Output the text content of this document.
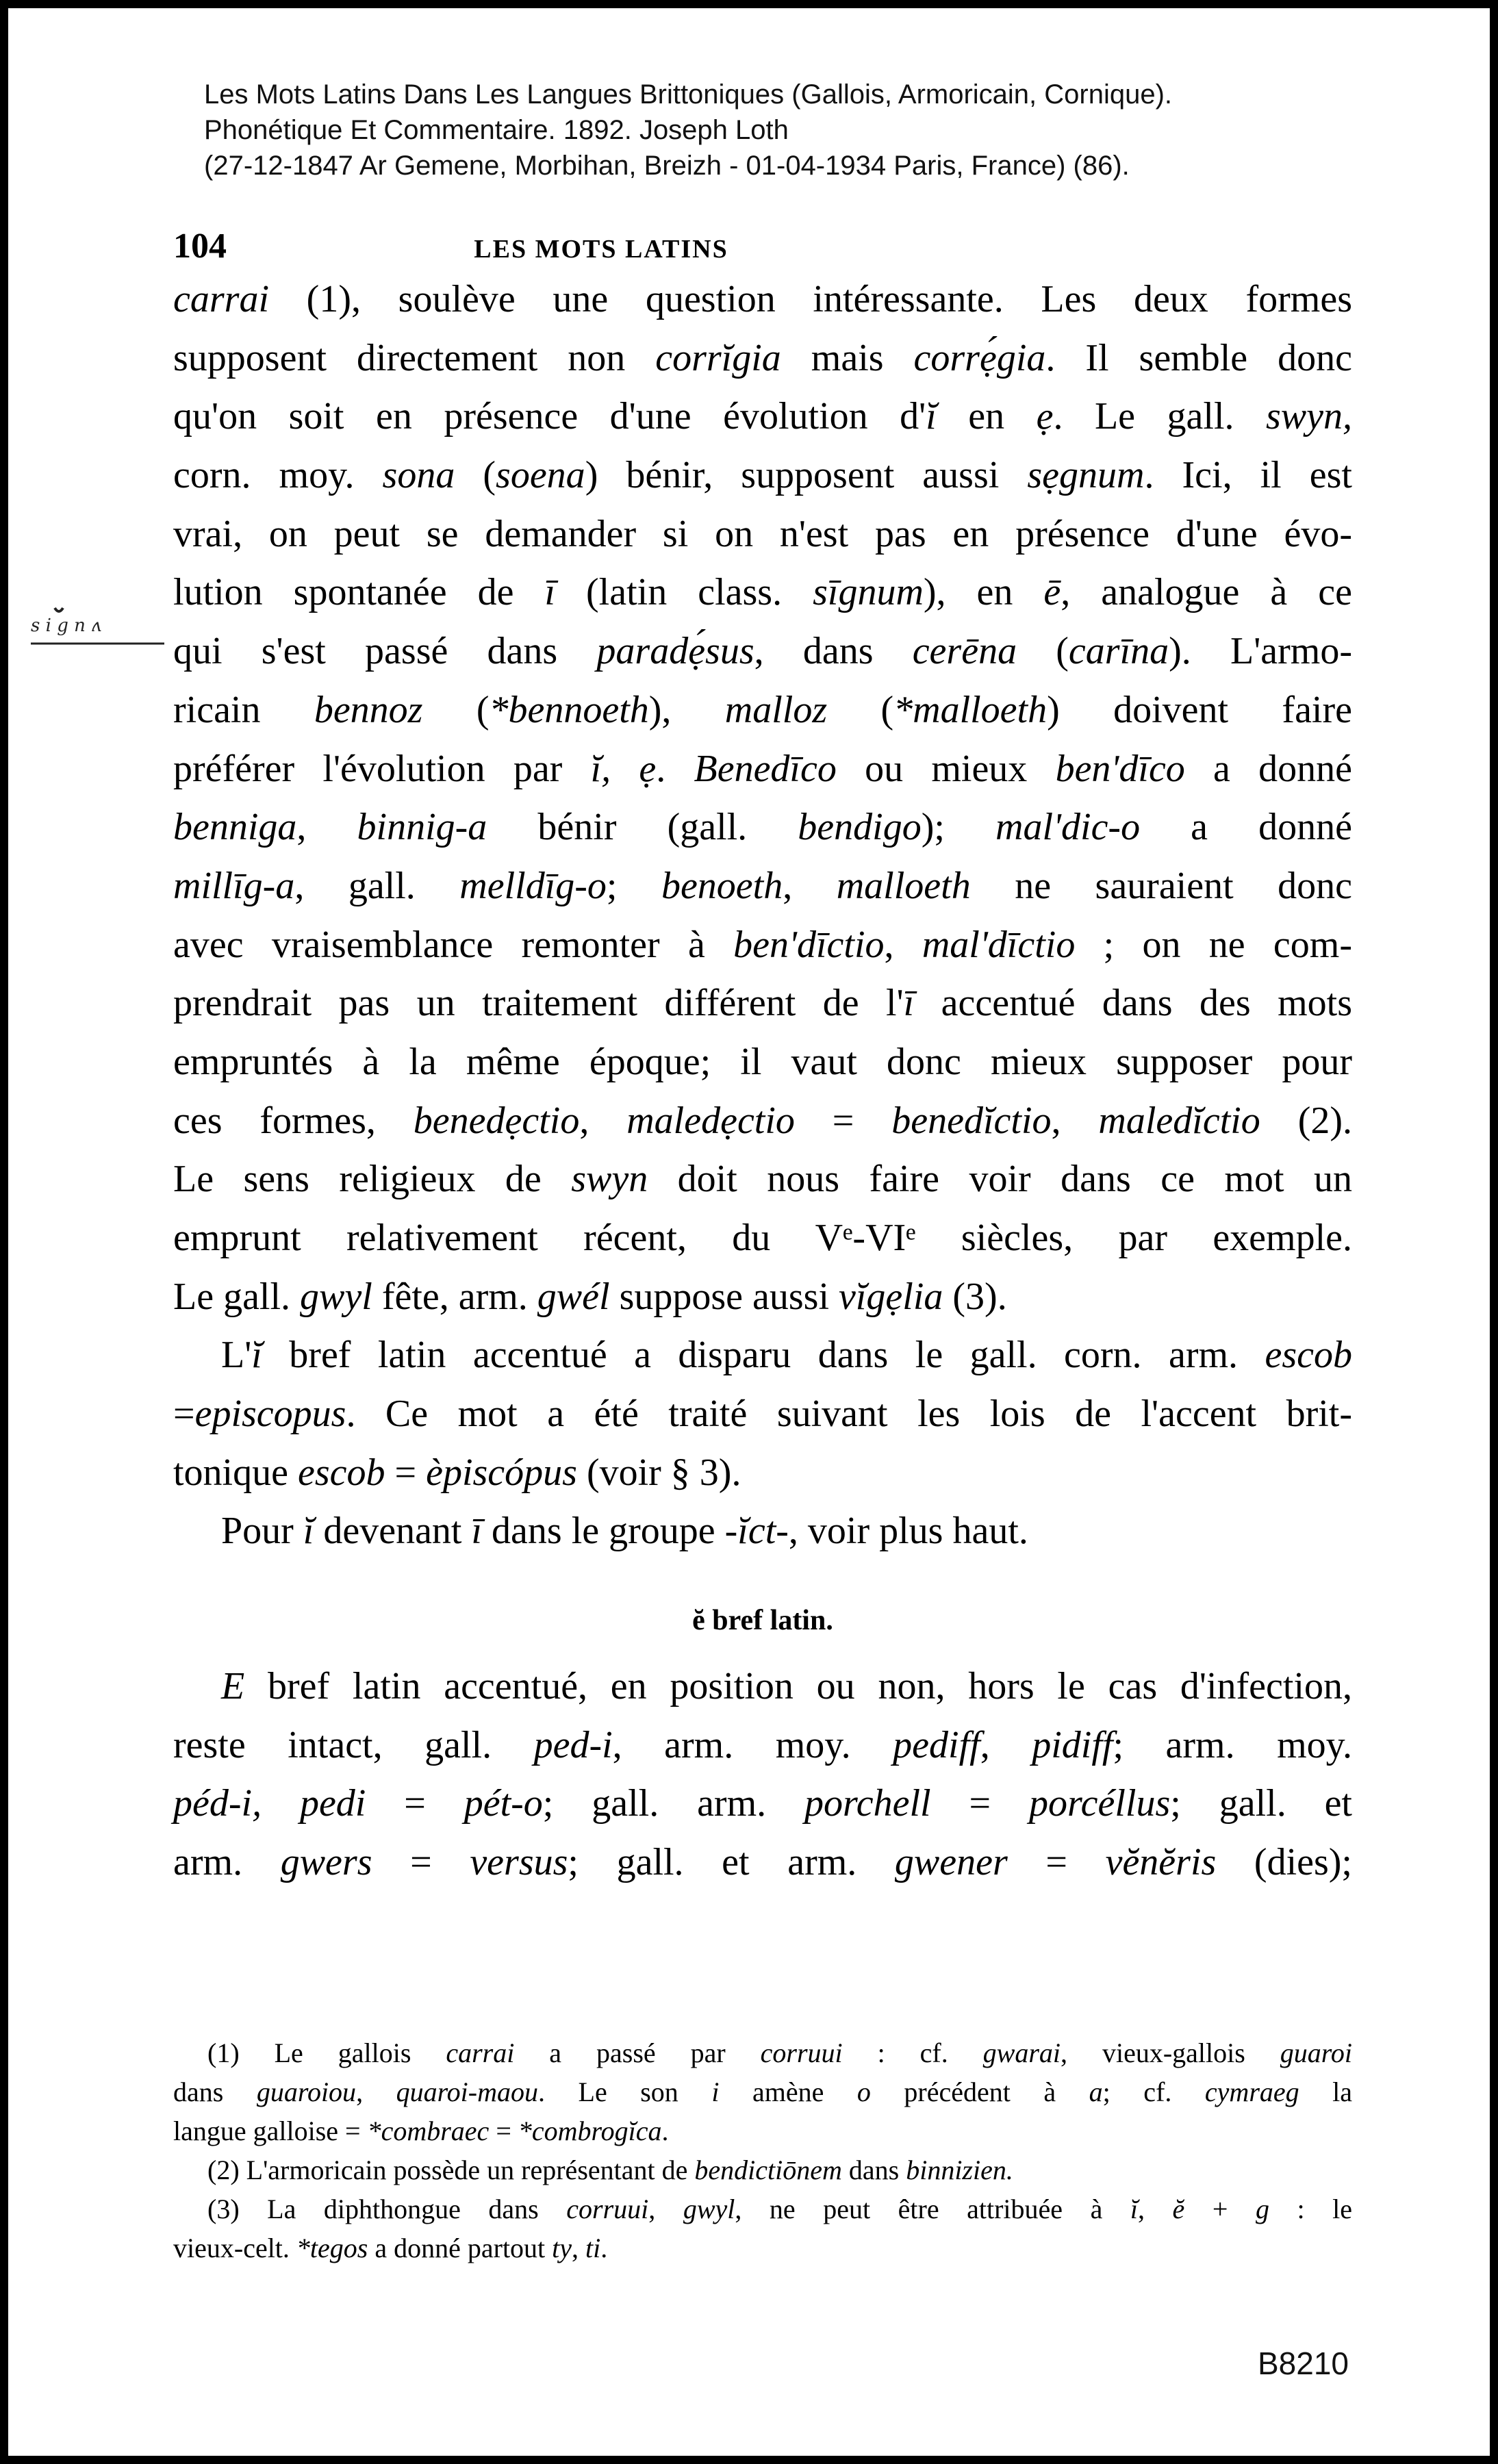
Les Mots Latins Dans Les Langues Brittoniques (Gallois, Armoricain, Cornique).
Phonétique Et Commentaire. 1892. Joseph Loth
(27-12-1847 Ar Gemene, Morbihan, Breizh - 01-04-1934 Paris, France) (86).
104	LES MOTS LATINS
s i g n ʌ
carrai (1), soulève une question intéressante. Les deux formes
supposent directement non corrĭgia mais corrẹ́gia. Il semble donc
qu'on soit en présence d'une évolution d'ĭ en ẹ. Le gall. swyn,
corn. moy. sona (soena) bénir, supposent aussi sẹgnum. Ici, il est
vrai, on peut se demander si on n'est pas en présence d'une évo-
lution spontanée de ī (latin class. sīgnum), en ē, analogue à ce
qui s'est passé dans paradẹ́sus, dans cerēna (carīna). L'armo-
ricain bennoz (*bennoeth), malloz (*malloeth) doivent faire
préférer l'évolution par ĭ, ẹ. Benedīco ou mieux ben'dīco a donné
benniga, binnig-a bénir (gall. bendigo); mal'dic-o a donné
millīg-a, gall. melldīg-o; benoeth, malloeth ne sauraient donc
avec vraisemblance remonter à ben'dīctio, mal'dīctio ; on ne com-
prendrait pas un traitement différent de l'ī accentué dans des mots
empruntés à la même époque; il vaut donc mieux supposer pour
ces formes, benedẹctio, maledẹctio = benedĭctio, maledĭctio (2).
Le sens religieux de swyn doit nous faire voir dans ce mot un
emprunt relativement récent, du Vᵉ-VIᵉ siècles, par exemple.
Le gall. gwyl fête, arm. gwél suppose aussi vĭgẹlia (3).
L'ĭ bref latin accentué a disparu dans le gall. corn. arm. escob
=episcopus. Ce mot a été traité suivant les lois de l'accent brit-
tonique escob = èpiscópus (voir § 3).
Pour ĭ devenant ī dans le groupe -ĭct-, voir plus haut.
ĕ bref latin.
E bref latin accentué, en position ou non, hors le cas d'infection,
reste intact, gall. ped-i, arm. moy. pediff, pidiff; arm. moy.
péd-i, pedi = pét-o; gall. arm. porchell = porcéllus; gall. et
arm. gwers = versus; gall. et arm. gwener = vĕnĕris (dies);
(1) Le gallois carrai a passé par corruui : cf. gwarai, vieux-gallois guaroi
dans guaroiou, quaroi-maou. Le son i amène o précédent à a; cf. cymraeg la
langue galloise = *combraec = *combrogĭca.
(2) L'armoricain possède un représentant de bendictiōnem dans binnizien.
(3) La diphthongue dans corruui, gwyl, ne peut être attribuée à ĭ, ĕ + g : le
vieux-celt. *tegos a donné partout ty, ti.
B8210
